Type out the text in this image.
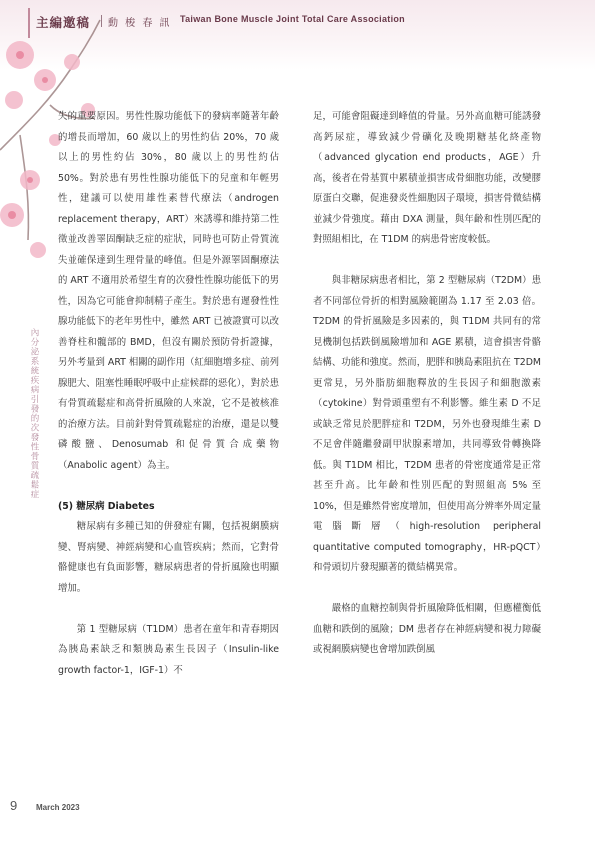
主編邀稿 動 梭 春 訊 Taiwan Bone Muscle Joint Total Care Association
內分泌系統疾病引發的次發性骨質疏鬆症

失的重要原因。男性性腺功能低下的發病率隨著年齡的增長而增加，60 歲以上的男性約佔 20%，70 歲以上的男性約佔 30%，80 歲以上的男性約佔 50%。對於患有男性性腺功能低下的兒童和年輕男性，建議可以使用雄性素替代療法（androgen replacement therapy，ART）來誘導和維持第二性徵並改善睪固酮缺乏症的症狀，同時也可防止骨質流失並確保達到生理骨量的峰值。但是外源睪固酮療法的 ART 不適用於希望生育的次發性性腺功能低下的男性，因為它可能會抑制精子產生。對於患有遲發性性腺功能低下的老年男性中，雖然 ART 已被證實可以改善脊柱和髖部的 BMD，但沒有關於預防骨折證據，另外考量到 ART 相關的副作用（紅細胞增多症、前列腺肥大、阻塞性睡眠呼吸中止症候群的惡化），對於患有骨質疏鬆症和高骨折風險的人來說，它不是被核准的治療方法。目前針對骨質疏鬆症的治療，還是以雙磷酸鹽、Denosumab 和促骨質合成藥物（Anabolic agent）為主。

(5) 糖尿病 Diabetes

糖尿病有多種已知的併發症有關，包括視網膜病變、腎病變、神經病變和心血管疾病；然而，它對骨骼健康也有負面影響，糖尿病患者的骨折風險也明顯增加。

第 1 型糖尿病（T1DM）患者在童年和青春期因為胰島素缺乏和類胰島素生長因子（Insulin-like growth factor-1，IGF-1）不

足，可能會阻礙達到峰值的骨量。另外高血糖可能誘發高鈣尿症，導致減少骨礦化及晚期糖基化終產物（advanced glycation end products，AGE）升高，後者在骨基質中累積並損害成骨細胞功能，改變膠原蛋白交聯，促進發炎性細胞因子環境，損害骨微結構並減少骨強度。藉由 DXA 測量，與年齡和性別匹配的對照組相比，在 T1DM 的病患骨密度較低。

與非糖尿病患者相比，第 2 型糖尿病（T2DM）患者不同部位骨折的相對風險範圍為 1.17 至 2.03 倍。T2DM 的骨折風險是多因素的，與 T1DM 共同有的常見機制包括跌倒風險增加和 AGE 累積，這會損害骨骼結構、功能和強度。然而，肥胖和胰島素阻抗在 T2DM 更常見，另外脂肪細胞釋放的生長因子和細胞激素（cytokine）對骨頭重塑有不利影響。維生素 D 不足或缺乏常見於肥胖症和 T2DM，另外也發現維生素 D 不足會伴隨繼發副甲狀腺素增加，共同導致骨轉換降低。與 T1DM 相比，T2DM 患者的骨密度通常是正常甚至升高。比年齡和性別匹配的對照組高 5% 至 10%，但是雖然骨密度增加，但使用高分辨率外周定量電腦斷層（high-resolution peripheral quantitative computed tomography，HR-pQCT）和骨頭切片發現顯著的微結構異常。

嚴格的血糖控制與骨折風險降低相關，但應權衡低血糖和跌倒的風險；DM 患者存在神經病變和視力障礙或視網膜病變也會增加跌倒風

9 March 2023
